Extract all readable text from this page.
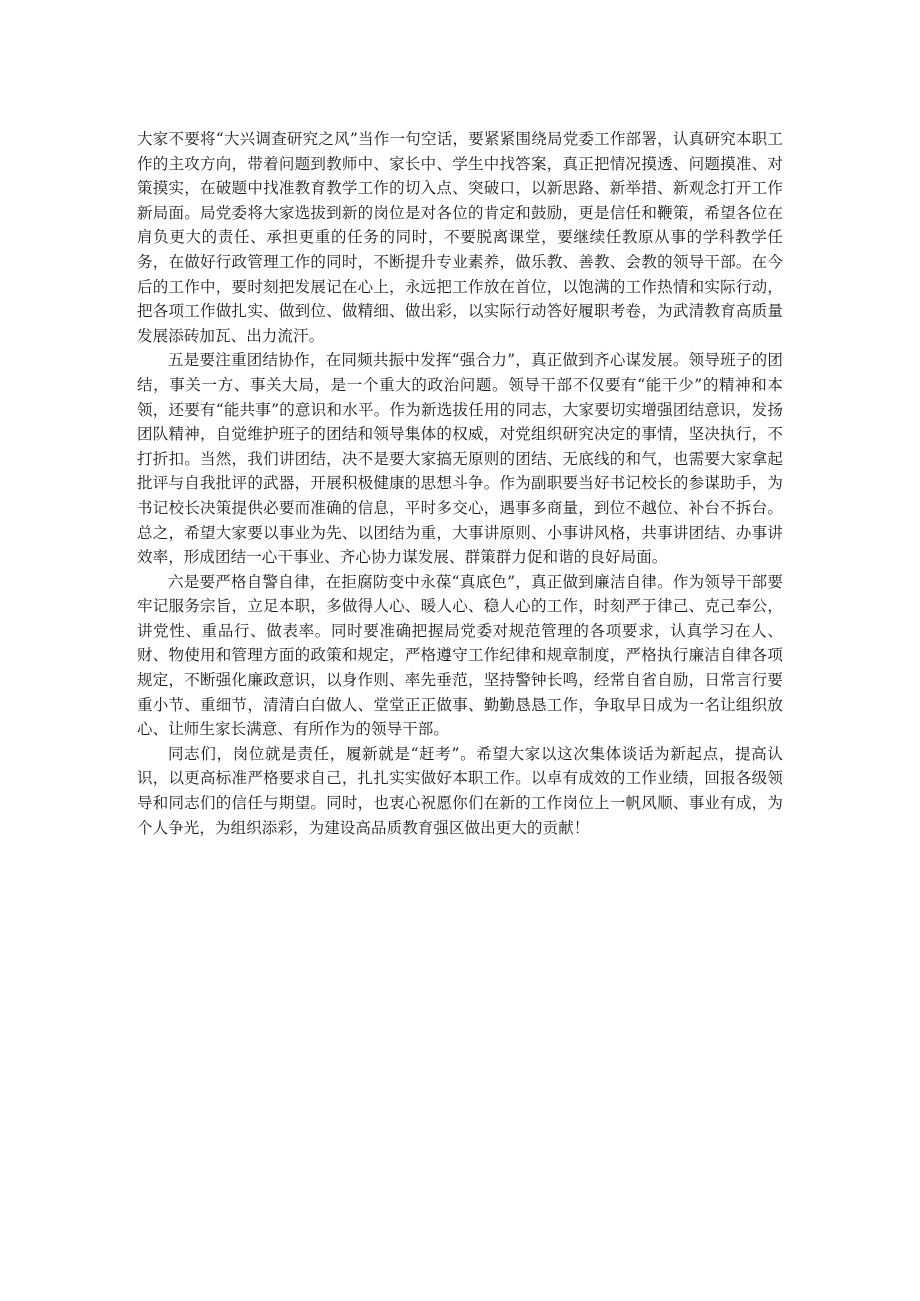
大家不要将“大兴调查研究之风”当作一句空话，要紧紧围绕局党委工作部署，认真研究本职工作的主攻方向，带着问题到教师中、家长中、学生中找答案，真正把情况摸透、问题摸准、对策摸实，在破题中找准教育教学工作的切入点、突破口，以新思路、新举措、新观念打开工作新局面。局党委将大家选拔到新的岗位是对各位的肯定和鼓励，更是信任和鞭策，希望各位在肩负更大的责任、承担更重的任务的同时，不要脱离课堂，要继续任教原从事的学科教学任务，在做好行政管理工作的同时，不断提升专业素养，做乐教、善教、会教的领导干部。在今后的工作中，要时刻把发展记在心上，永远把工作放在首位，以饱满的工作热情和实际行动，把各项工作做扎实、做到位、做精细、做出彩，以实际行动答好履职考卷，为武清教育高质量发展添砖加瓦、出力流汗。

五是要注重团结协作，在同频共振中发挥“强合力”，真正做到齐心谋发展。领导班子的团结，事关一方、事关大局，是一个重大的政治问题。领导干部不仅要有“能干少”的精神和本领，还要有“能共事”的意识和水平。作为新选拔任用的同志，大家要切实增强团结意识，发扬团队精神，自觉维护班子的团结和领导集体的权威，对党组织研究决定的事情，坚决执行，不打折扣。当然，我们讲团结，决不是要大家搞无原则的团结、无底线的和气，也需要大家拿起批评与自我批评的武器，开展积极健康的思想斗争。作为副职要当好书记校长的参谋助手，为书记校长决策提供必要而准确的信息，平时多交心，遇事多商量，到位不越位、补台不拆台。总之，希望大家要以事业为先、以团结为重，大事讲原则、小事讲风格，共事讲团结、办事讲效率，形成团结一心干事业、齐心协力谋发展、群策群力促和谐的良好局面。

六是要严格自警自律，在拒腐防变中永葆“真底色”，真正做到廉洁自律。作为领导干部要牢记服务宗旨，立足本职，多做得人心、暖人心、稳人心的工作，时刻严于律己、克己奉公，讲党性、重品行、做表率。同时要准确把握局党委对规范管理的各项要求，认真学习在人、财、物使用和管理方面的政策和规定，严格遵守工作纪律和规章制度，严格执行廉洁自律各项规定，不断强化廉政意识，以身作则、率先垂范，坚持警钟长鸣，经常自省自励，日常言行要重小节、重细节，清清白白做人、堂堂正正做事、勤勤恳恳工作，争取早日成为一名让组织放心、让师生家长满意、有所作为的领导干部。

同志们，岗位就是责任，履新就是“赶考”。希望大家以这次集体谈话为新起点，提高认识，以更高标准严格要求自己，扎扎实实做好本职工作。以卓有成效的工作业绩，回报各级领导和同志们的信任与期望。同时，也衷心祝愿你们在新的工作岗位上一帆风顺、事业有成，为个人争光，为组织添彩，为建设高品质教育强区做出更大的贡献！
